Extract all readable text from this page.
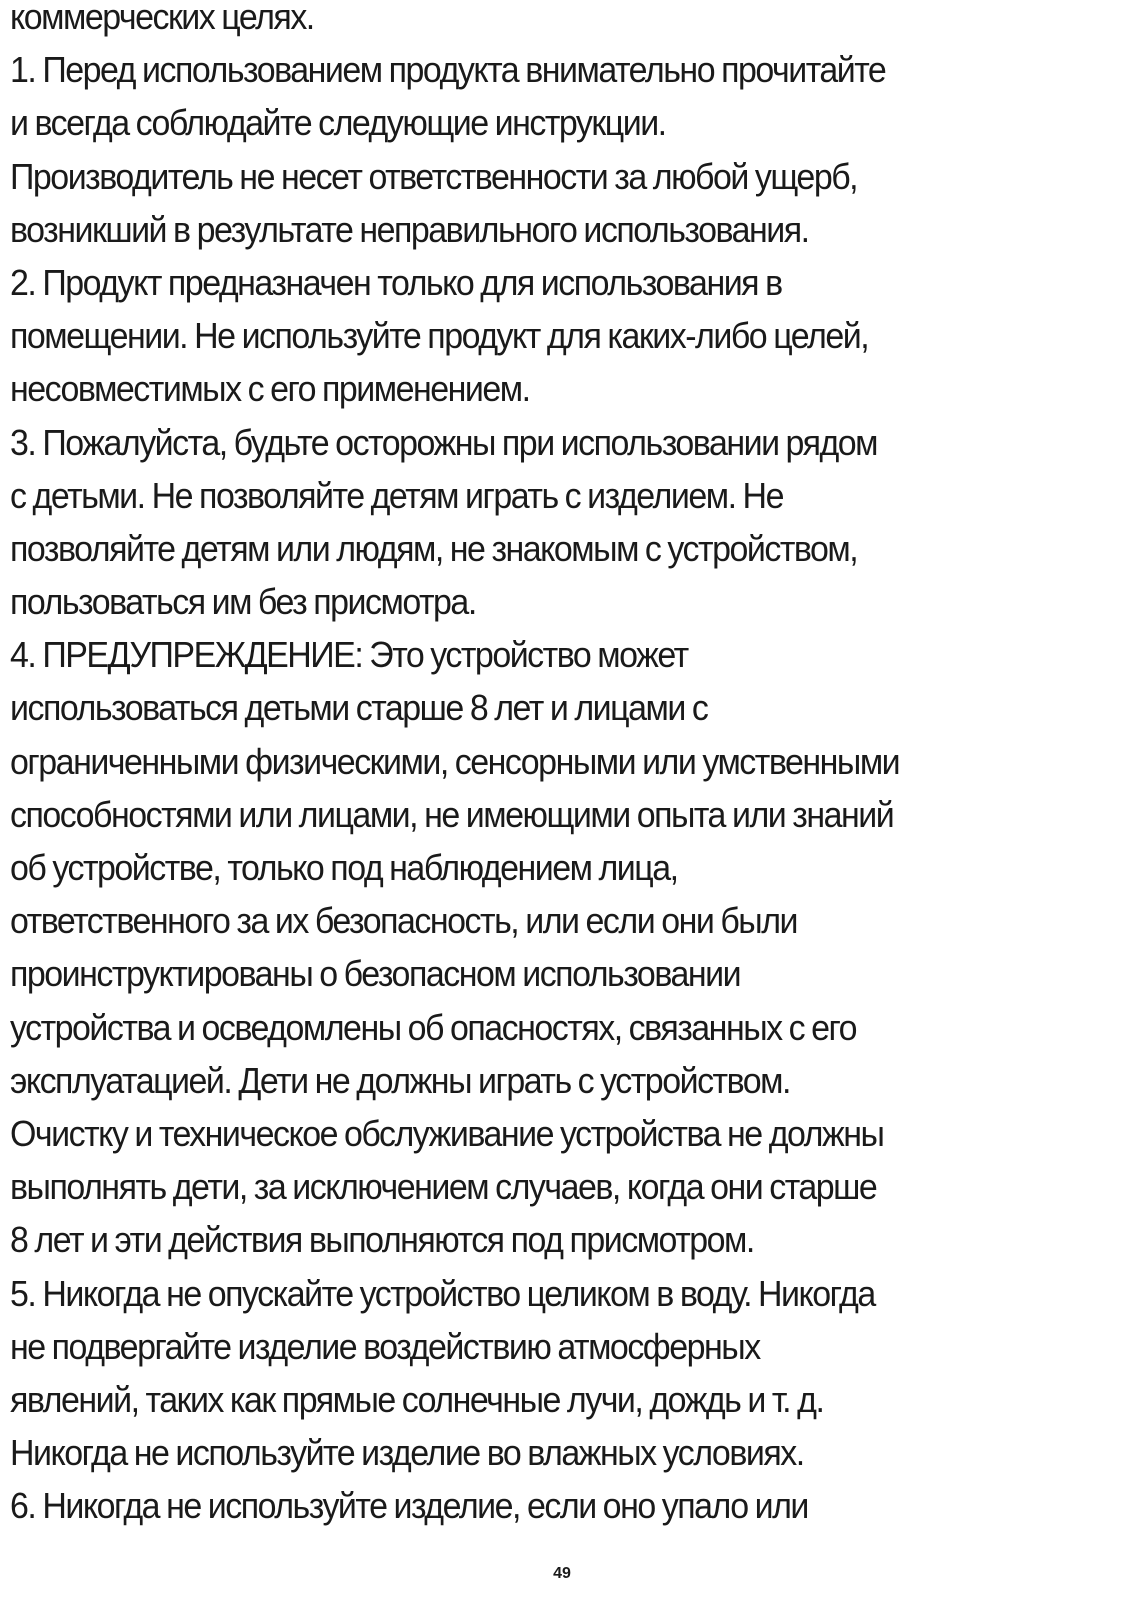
коммерческих целях.
1. Перед использованием продукта внимательно прочитайте
и всегда соблюдайте следующие инструкции.
Производитель не несет ответственности за любой ущерб,
возникший в результате неправильного использования.
2. Продукт предназначен только для использования в
помещении. Не используйте продукт для каких-либо целей,
несовместимых с его применением.
3. Пожалуйста, будьте осторожны при использовании рядом
с детьми. Не позволяйте детям играть с изделием. Не
позволяйте детям или людям, не знакомым с устройством,
пользоваться им без присмотра.
4. ПРЕДУПРЕЖДЕНИЕ: Это устройство может
использоваться детьми старше 8 лет и лицами с
ограниченными физическими, сенсорными или умственными
способностями или лицами, не имеющими опыта или знаний
об устройстве, только под наблюдением лица,
ответственного за их безопасность, или если они были
проинструктированы о безопасном использовании
устройства и осведомлены об опасностях, связанных с его
эксплуатацией. Дети не должны играть с устройством.
Очистку и техническое обслуживание устройства не должны
выполнять дети, за исключением случаев, когда они старше
8 лет и эти действия выполняются под присмотром.
5. Никогда не опускайте устройство целиком в воду. Никогда
не подвергайте изделие воздействию атмосферных
явлений, таких как прямые солнечные лучи, дождь и т. д.
Никогда не используйте изделие во влажных условиях.
6. Никогда не используйте изделие, если оно упало или
49
